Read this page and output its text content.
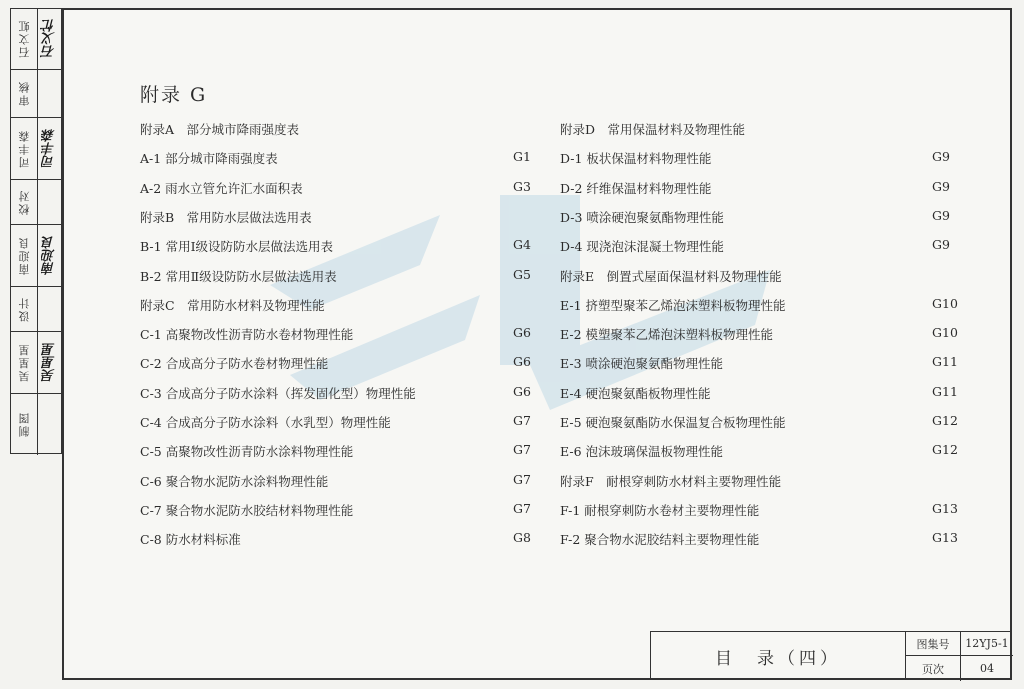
石文虹 石义忙
审核
司丰森 司丰森
校对
南迎良 南迎良
设计
吴星星 吴星星
制图
附录 G
附录A　部分城市降雨强度表
A-1 部分城市降雨强度表	G1
A-2 雨水立管允许汇水面积表	G3
附录B　常用防水层做法选用表
B-1 常用Ⅰ级设防防水层做法选用表	G4
B-2 常用Ⅱ级设防防水层做法选用表	G5
附录C　常用防水材料及物理性能
C-1 高聚物改性沥青防水卷材物理性能	G6
C-2 合成高分子防水卷材物理性能	G6
C-3 合成高分子防水涂料（挥发固化型）物理性能	G6
C-4 合成高分子防水涂料（水乳型）物理性能	G7
C-5 高聚物改性沥青防水涂料物理性能	G7
C-6 聚合物水泥防水涂料物理性能	G7
C-7 聚合物水泥防水胶结材料物理性能	G7
C-8 防水材料标准	G8
附录D　常用保温材料及物理性能
D-1 板状保温材料物理性能	G9
D-2 纤维保温材料物理性能	G9
D-3 喷涂硬泡聚氨酯物理性能	G9
D-4 现浇泡沫混凝土物理性能	G9
附录E　倒置式屋面保温材料及物理性能
E-1 挤塑型聚苯乙烯泡沫塑料板物理性能	G10
E-2 模塑聚苯乙烯泡沫塑料板物理性能	G10
E-3 喷涂硬泡聚氨酯物理性能	G11
E-4 硬泡聚氨酯板物理性能	G11
E-5 硬泡聚氨酯防水保温复合板物理性能	G12
E-6 泡沫玻璃保温板物理性能	G12
附录F　耐根穿刺防水材料主要物理性能
F-1 耐根穿刺防水卷材主要物理性能	G13
F-2 聚合物水泥胶结料主要物理性能	G13
目　录（四）
图集号	12YJ5-1
页次	04
